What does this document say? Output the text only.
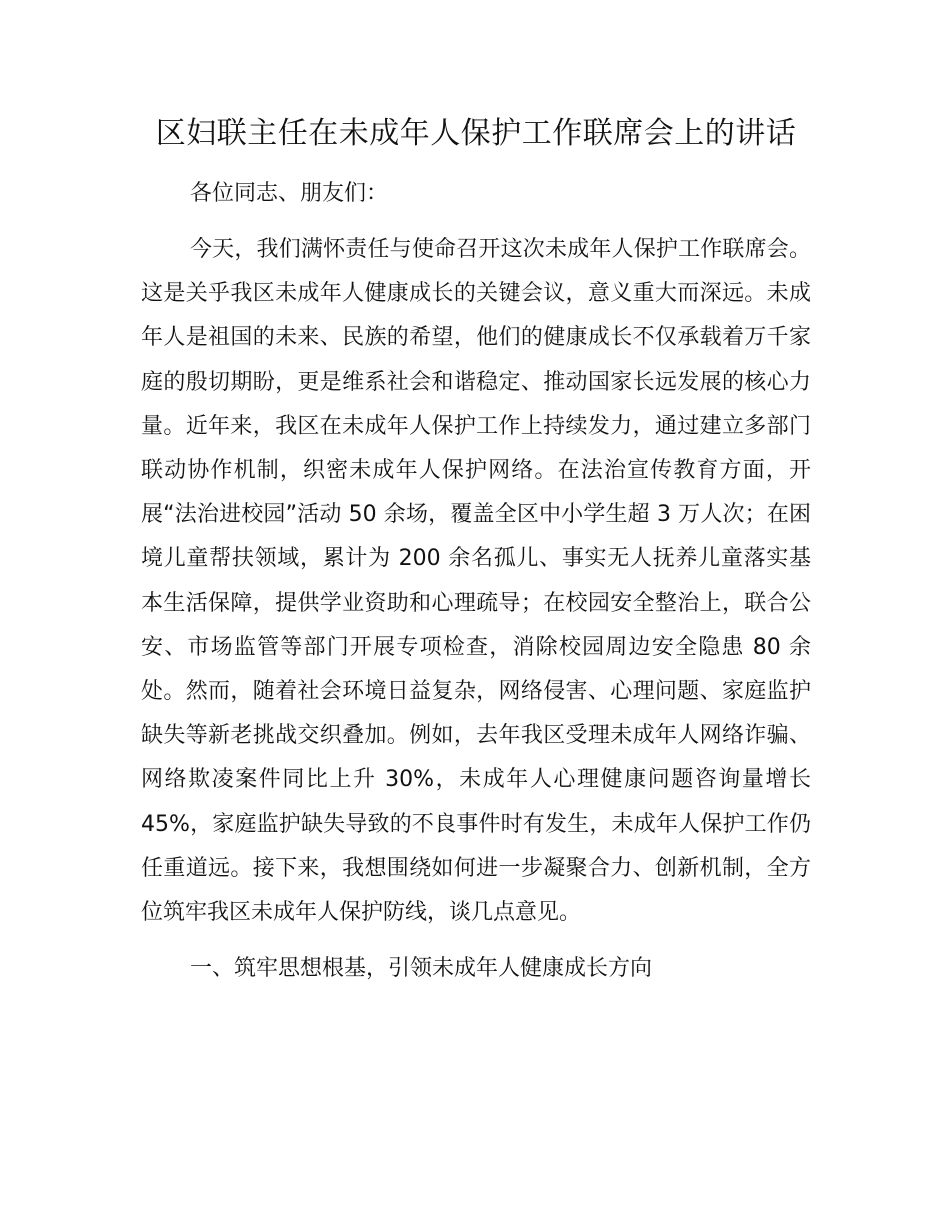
区妇联主任在未成年人保护工作联席会上的讲话

各位同志、朋友们：

今天，我们满怀责任与使命召开这次未成年人保护工作联席会。这是关乎我区未成年人健康成长的关键会议，意义重大而深远。未成年人是祖国的未来、民族的希望，他们的健康成长不仅承载着万千家庭的殷切期盼，更是维系社会和谐稳定、推动国家长远发展的核心力量。近年来，我区在未成年人保护工作上持续发力，通过建立多部门联动协作机制，织密未成年人保护网络。在法治宣传教育方面，开展“法治进校园”活动 50 余场，覆盖全区中小学生超 3 万人次；在困境儿童帮扶领域，累计为 200 余名孤儿、事实无人抚养儿童落实基本生活保障，提供学业资助和心理疏导；在校园安全整治上，联合公安、市场监管等部门开展专项检查，消除校园周边安全隐患 80 余处。然而，随着社会环境日益复杂，网络侵害、心理问题、家庭监护缺失等新老挑战交织叠加。例如，去年我区受理未成年人网络诈骗、网络欺凌案件同比上升 30%，未成年人心理健康问题咨询量增长 45%，家庭监护缺失导致的不良事件时有发生，未成年人保护工作仍任重道远。接下来，我想围绕如何进一步凝聚合力、创新机制，全方位筑牢我区未成年人保护防线，谈几点意见。

一、筑牢思想根基，引领未成年人健康成长方向
